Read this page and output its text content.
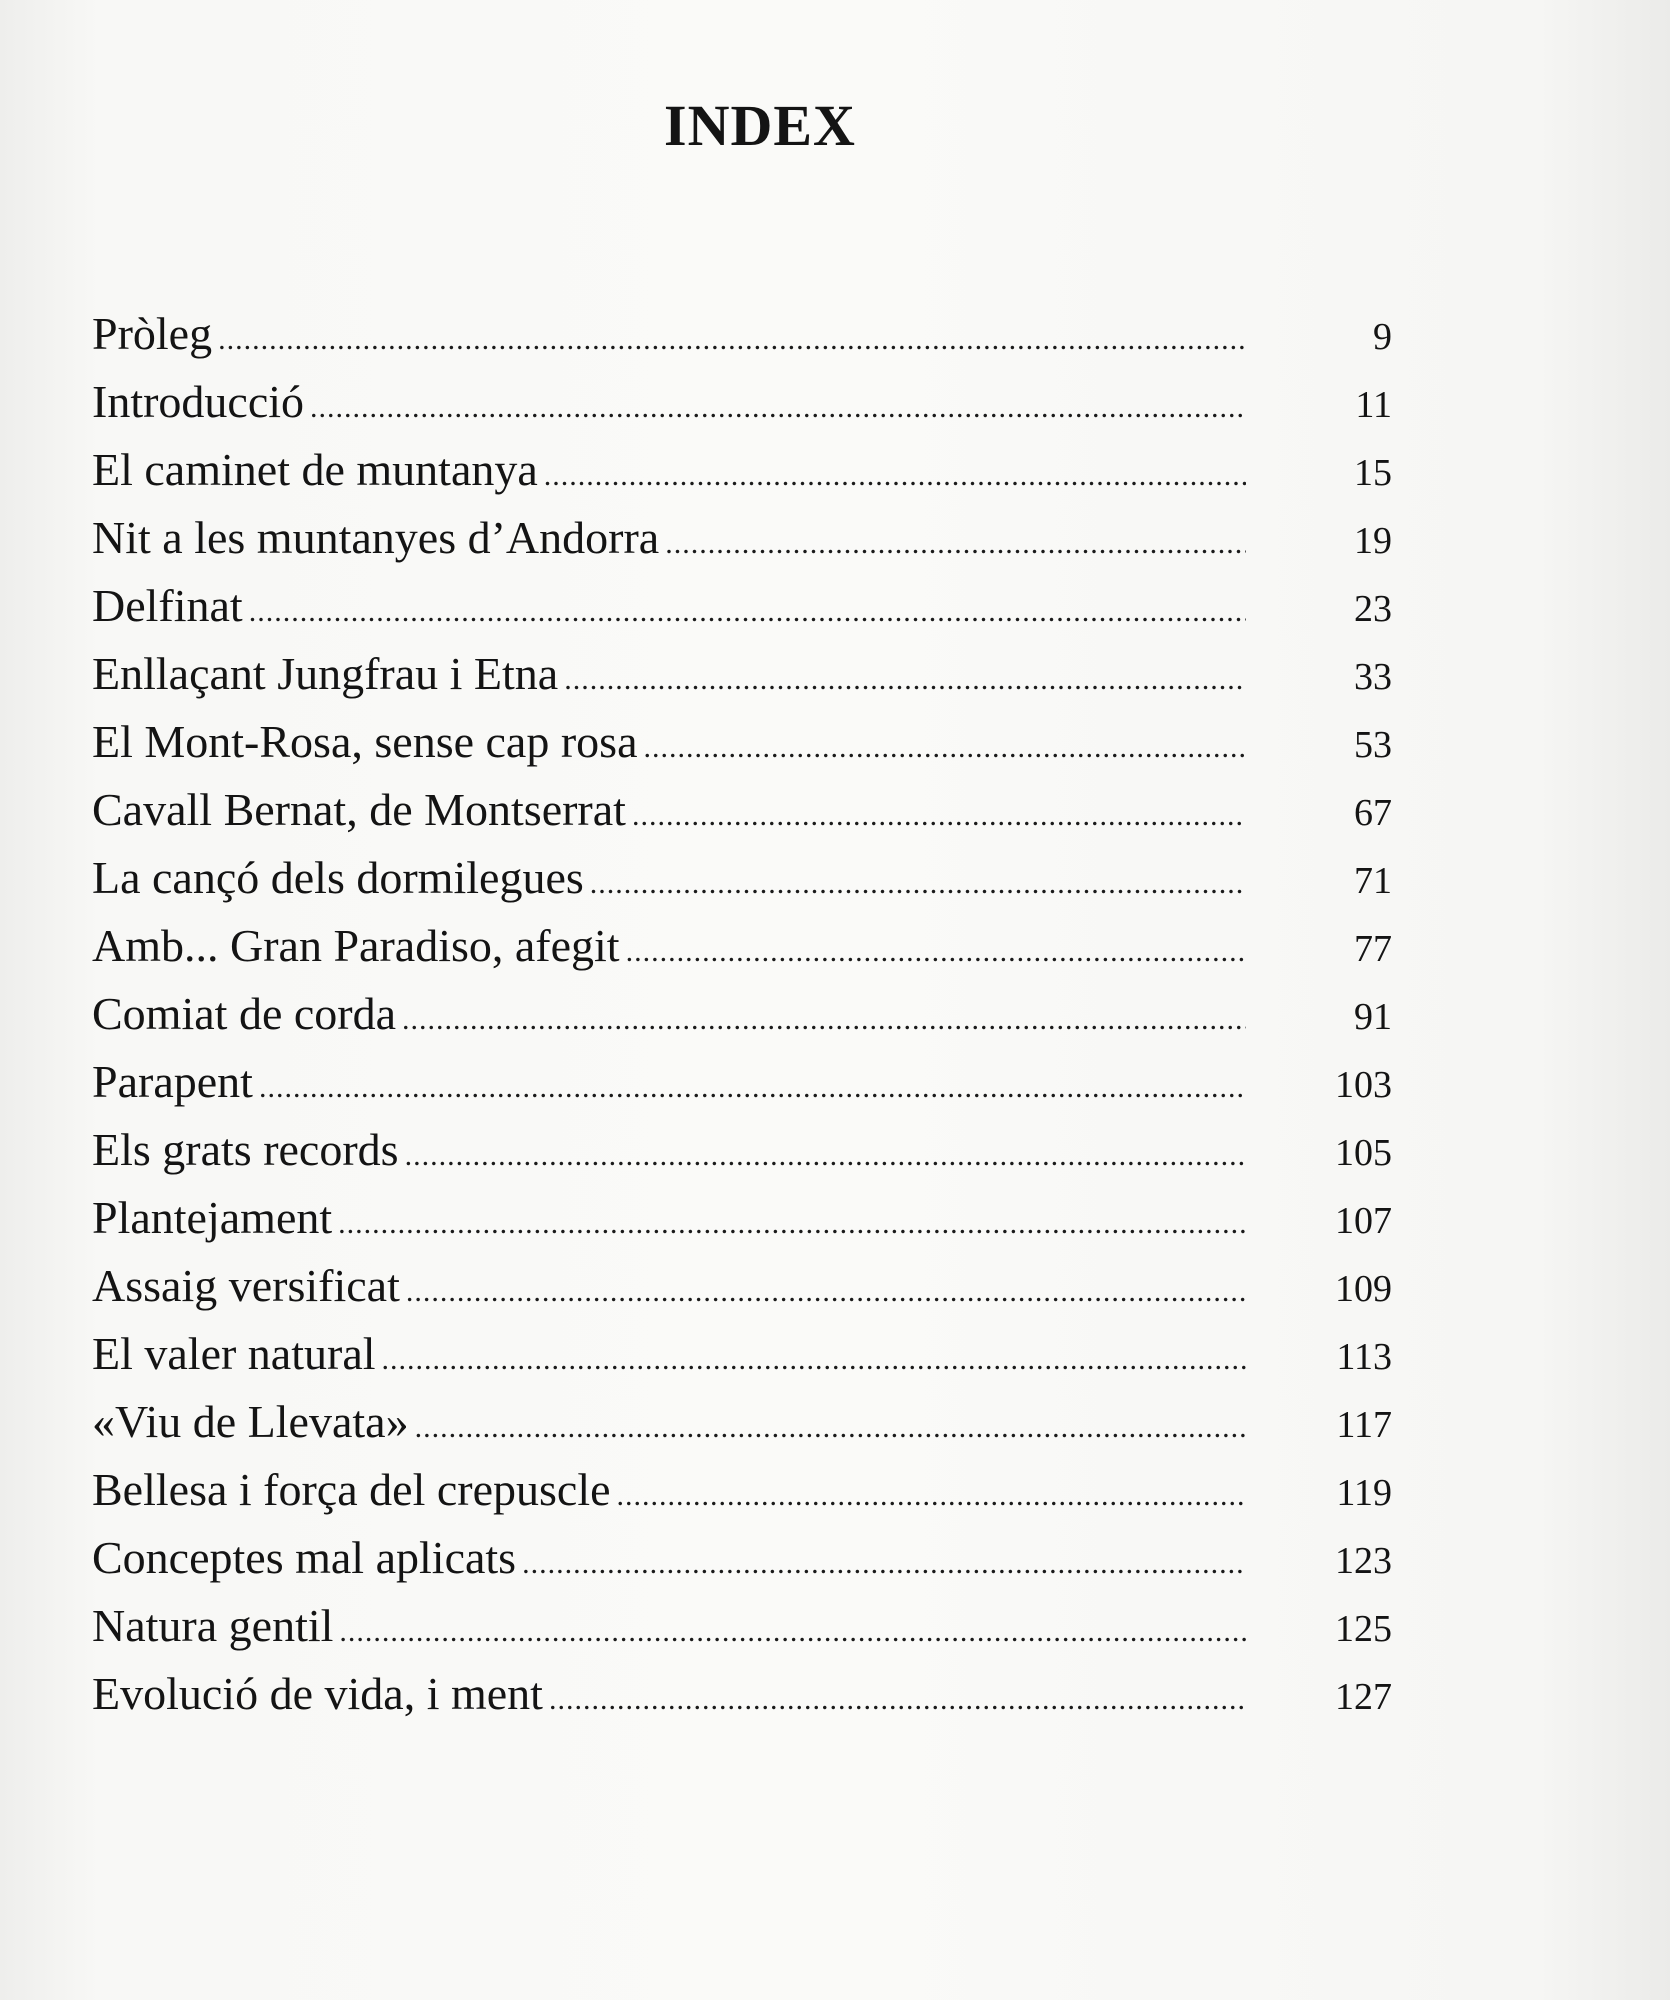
INDEX
Pròleg .....	9
Introducció .....	11
El caminet de muntanya .....	15
Nit a les muntanyes d’Andorra .....	19
Delfinat .....	23
Enllaçant Jungfrau i Etna .....	33
El Mont-Rosa, sense cap rosa .....	53
Cavall Bernat, de Montserrat .....	67
La cançó dels dormilegues .....	71
Amb... Gran Paradiso, afegit .....	77
Comiat de corda .....	91
Parapent .....	103
Els grats records .....	105
Plantejament .....	107
Assaig versificat .....	109
El valer natural .....	113
«Viu de Llevata» .....	117
Bellesa i força del crepuscle .....	119
Conceptes mal aplicats .....	123
Natura gentil .....	125
Evolució de vida, i ment .....	127
